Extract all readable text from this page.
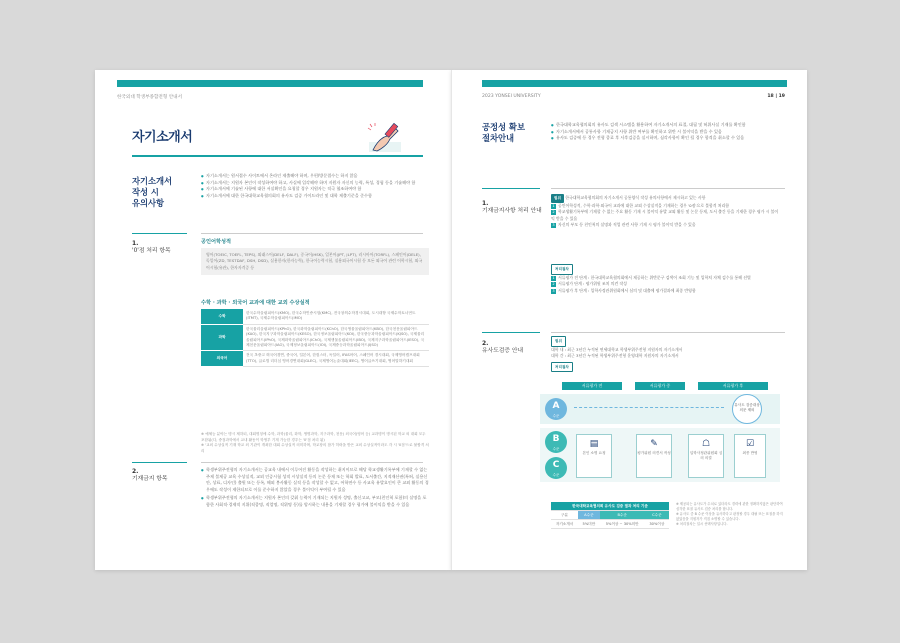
한국외대 학생부종합전형 안내서
자기소개서
자기소개서
작성 시
유의사항
● 자기소개서는 원서접수 사이트에서 온라인 제출해야 하며, 우편/방문접수는 하지 않음
● 자기소개서는 지원자 본인이 작성하여야 하고, 사실에 입각해야 하며 지원자 자신의 능력, 특성, 경험 등을 기술해야 함
● 자기소개서에 기술된 사항에 대한 서실확인을 요청할 경우 지원자는 적극 협조하여야 함
● 자기소개서에 대한 한국대학교육협의회의 유사도 검증 가이드라인 및 대학 제출기준을 준수함
1.
'0'점 처리 항목
공인어학성적
영어(TOEIC, TOEFL, TEPS), 외래스어(DELF, DALF), 중국어(HSK), 일본어(JPT, JLPT), 러시아어(TORFL), 스페인어(DELE), 독일어(ZD, TESTDAF, DSH, DSD), 실용한자(한자능력), 한국어능력시험, 실용외국어시험 등 모든 외국어 관련 어학시험, 외국어시험(유관), 한자자격증 등
수학 · 과학 · 외국어 교과에 대한 교외 수상실적
수학	한국수학올림피아드(KMO), 한국수학인증시험(KMC), 전국창의수학경시대회, 도시대항 국제수학토너먼트(ITMT), 국제수학올림피아드(IMO)
과학	한국물리올림피아드(KPhO), 한국화학올림피아드(KChO), 한국생물올림피아드(KBO), 한국천문올림피아드(KAO), 한국지구과학올림피아드(KESO), 한국정보올림피아드(KOI), 한국중등과학올림피아드(KJSO), 국제물리올림피아드(IPhO), 국제화학올림피아드(IChO), 국제생물올림피아드(IBO), 국제지구과학올림피아드(IESO), 국제천문올림피아드(IAO), 국제정보올림피아드(IOI), 국제중등과학올림피아드(IJSO)
외국어	전국 초중고 외국어경연, 중국어, 일본어, 한컴스터, 독일어, IFAS어어, 스페인어 경시대회, 국제영어캠프대회(TTO), 글로벌 리더십 영어경연대회(GLEC), 국제영어논술대회(IEEC), 영어글쓰기대회, 영어말하기대회
※ 예체능 분야는 명시 제하되, 대회명칭에 수학, 과학(물리, 화학, 생명과학, 지구과학, 천문) 외국어(영어 등) 교과명이 명시된 학교 외 대회 모두 포함됨(다, 중점과학에서 교내 활동이 학생부 기재 가능한 경우는 '0'점 처리 됨)
※ '교외 수상실적 기재 학교 외 기관이 개최한 대회 수상실적 의미하며, 학교장의 참가 허락을 받은 교외 수상실적이라도 각 시 '0점'으로 불합격 처리
2.
기재금지 항목
● 학생부위주전형의 자기소개서는 공교육 내에서 이루어진 활동을 작성하는 취지이므로 해당 학교생활기록부에 기재할 수 없는 주제 불제공 교육 수상실적, 교외 인증시험 성적 시상실적 등의 논문 등재 또는 학회 발표, 도서출간, 지적재산권(특허, 실용신안, 상표, 디자인) 출원 또는 등록, 해외 봉사활동 실적 등을 작성할 수 없고, 어학연수 등 사교육 유발요인이 큰 교외 활동의 경우에도 작성이 제한되므로 이를 준수하지 않았을 경우 불이익이 부여될 수 있음
● 학생부위주전형의 자기소개서는 지원자 본인의 갖춰 능력이 기재되는 지원자 성명, 출신고교, 부모(친인척 포함)의 실명을 포함한 사회적·경제적 지위(직종명, 직업명, 직위명 등)를 암시하는 내용을 기재할 경우 평가에 불이익을 받을 수 있음
2023 YONSEI UNIVERSITY	18 | 19
공정성 확보
절차안내
● 한국대학교육협의회의 유사도 검색 시스템을 활용하여 자기소개서의 표절, 대필 및 허위사실 기재를 확인함
● 자기소개서에서 공통사항 기재금지 사항 위반 여부를 확인하고 위반 시 불이익을 받을 수 있음
● 유사도 검증에 등 경우 전형 종료 후 사후검증을 실시하며, 심각사항이 확인 될 경우 합격을 취소할 수 있음
1.
기재금지사항 처리 안내
범위 한국대학교육협의회의 자기소개서 공통양식 작성 유의사항에서 제시하고 있는 사항
1 공인어학성적, 수학·과학·외국어 교과에 대한 교외 수상실적을 기재하는 경우 '0점'으로 불합격 처리함
2 학교생활기록부에 기재할 수 없는 주요 활동 기재 시 불이익 유발 교외 활동 및 논문 등재, 도서 출간 등을 기재한 경우 평가 시 불이익 받을 수 있음
3 자신의 부모 등 친인척의 실명과 직업 관련 사항 기재 시 평가 불이익 받을 수 있음
처리절차
1 서류평가 전 단계 : 한국대학교육협의회에서 제공하는 위반문구 검색어 조회 기능 및 입학처 자체 검수를 통해 선별
2 서류평가 단계 : 평가위원 조치 의견 작성
3 서류평가 후 단계 : 입학사정관위원회에서 심의 및 대출에 평가결과에 최종 반영함
2.
유사도검증 안내
범위
대학 내 : 최근 3년간 누적된 연세대학교 학생부위주전형 지원자의 자기소개서
대학 간 : 최근 3년간 누적된 학생부위주전형 운영대학 지원자의 자기소개서
처리절차
서류평가 전	서류평가 중	서류평가 후
A
수준
유사도 검증대상 의문 제외
B
수준
C
수준
▤
본인 소명 요청
✎
평가위원 의견서 작성
☖
입학사정관위원회 심의 의결
☑
최종 반영
한국대학교육협의회 유사도 검증 결과 처리 기준			
구분	A수준	B수준	C수준
자기소개서	5%미만	5%이상 ~ 30%미만	30%이상
※ 제공되는 유사도가 수치로 있더라도 경력에 관한 정확하지않은 판단하여 심각한 표절 유사도 검증 처리를 합니다.
※ 유사도 중 B 수준 이상을 유사하다고 판정할 경우 대필 또는 표절을 하지 않았음을 지원자가 직접 소명할 수 있습니다.
※ 처리절차는 일시 선택사항입니다.
